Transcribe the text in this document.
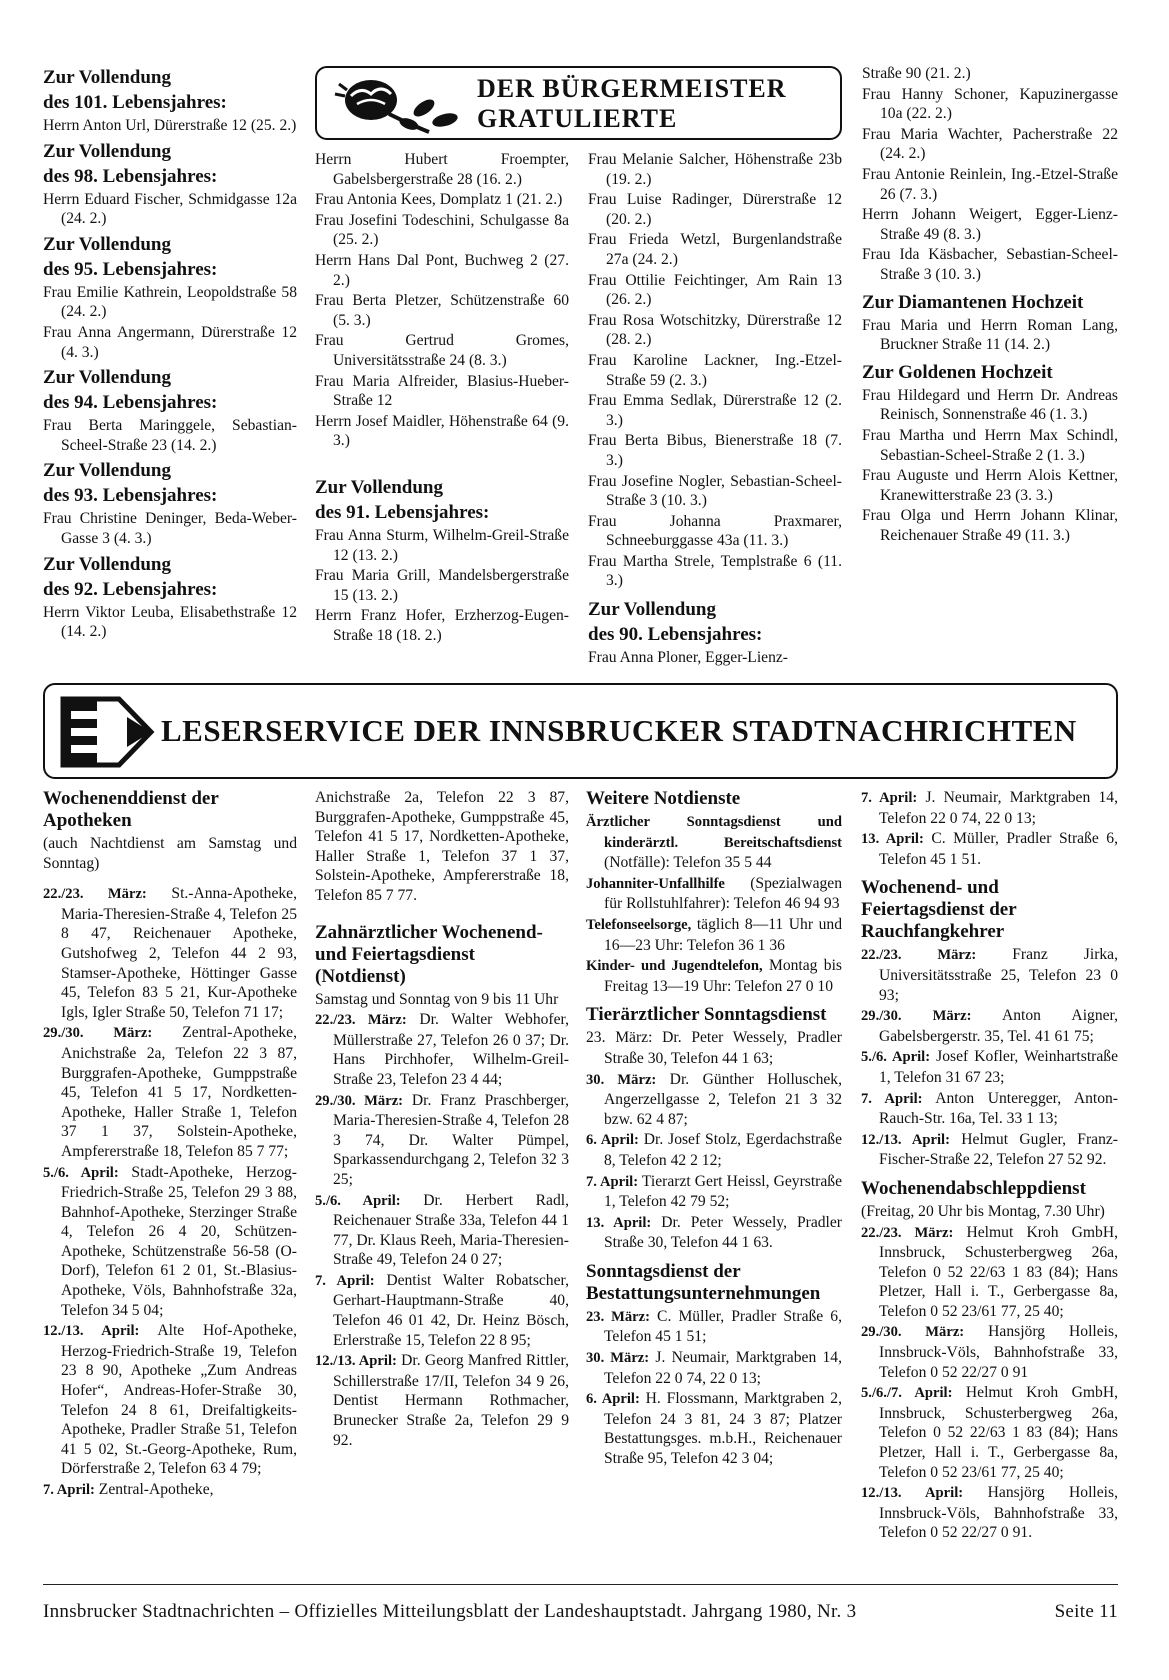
DER BÜRGERMEISTER
GRATULIERTE
Zur Vollendung
des 101. Lebensjahres:

Herrn Anton Url, Dürerstraße 12 (25. 2.)

Zur Vollendung
des 98. Lebensjahres:

Herrn Eduard Fischer, Schmidgasse 12a (24. 2.)

Zur Vollendung
des 95. Lebensjahres:

Frau Emilie Kathrein, Leopoldstraße 58 (24. 2.)

Frau Anna Angermann, Dürerstraße 12 (4. 3.)

Zur Vollendung
des 94. Lebensjahres:

Frau Berta Maringgele, Sebastian-Scheel-Straße 23 (14. 2.)

Zur Vollendung
des 93. Lebensjahres:

Frau Christine Deninger, Beda-Weber-Gasse 3 (4. 3.)

Zur Vollendung
des 92. Lebensjahres:

Herrn Viktor Leuba, Elisabethstraße 12 (14. 2.)

Herrn Hubert Froempter, Gabelsbergerstraße 28 (16. 2.)

Frau Antonia Kees, Domplatz 1 (21. 2.)

Frau Josefini Todeschini, Schulgasse 8a (25. 2.)

Herrn Hans Dal Pont, Buchweg 2 (27. 2.)

Frau Berta Pletzer, Schützenstraße 60 (5. 3.)

Frau Gertrud Gromes, Universitätsstraße 24 (8. 3.)

Frau Maria Alfreider, Blasius-Hueber-Straße 12

Herrn Josef Maidler, Höhenstraße 64 (9. 3.)

Zur Vollendung
des 91. Lebensjahres:

Frau Anna Sturm, Wilhelm-Greil-Straße 12 (13. 2.)

Frau Maria Grill, Mandelsbergerstraße 15 (13. 2.)

Herrn Franz Hofer, Erzherzog-Eugen-Straße 18 (18. 2.)

Frau Melanie Salcher, Höhenstraße 23b (19. 2.)

Frau Luise Radinger, Dürerstraße 12 (20. 2.)

Frau Frieda Wetzl, Burgenlandstraße 27a (24. 2.)

Frau Ottilie Feichtinger, Am Rain 13 (26. 2.)

Frau Rosa Wotschitzky, Dürerstraße 12 (28. 2.)

Frau Karoline Lackner, Ing.-Etzel-Straße 59 (2. 3.)

Frau Emma Sedlak, Dürerstraße 12 (2. 3.)

Frau Berta Bibus, Bienerstraße 18 (7. 3.)

Frau Josefine Nogler, Sebastian-Scheel-Straße 3 (10. 3.)

Frau Johanna Praxmarer, Schneeburggasse 43a (11. 3.)

Frau Martha Strele, Templstraße 6 (11. 3.)

Zur Vollendung
des 90. Lebensjahres:

Frau Anna Ploner, Egger-Lienz-

Straße 90 (21. 2.)

Frau Hanny Schoner, Kapuzinergasse 10a (22. 2.)

Frau Maria Wachter, Pacherstraße 22 (24. 2.)

Frau Antonie Reinlein, Ing.-Etzel-Straße 26 (7. 3.)

Herrn Johann Weigert, Egger-Lienz-Straße 49 (8. 3.)

Frau Ida Käsbacher, Sebastian-Scheel-Straße 3 (10. 3.)

Zur Diamantenen Hochzeit

Frau Maria und Herrn Roman Lang, Bruckner Straße 11 (14. 2.)

Zur Goldenen Hochzeit

Frau Hildegard und Herrn Dr. Andreas Reinisch, Sonnenstraße 46 (1. 3.)

Frau Martha und Herrn Max Schindl, Sebastian-Scheel-Straße 2 (1. 3.)

Frau Auguste und Herrn Alois Kettner, Kranewitterstraße 23 (3. 3.)

Frau Olga und Herrn Johann Klinar, Reichenauer Straße 49 (11. 3.)

LESERSERVICE DER INNSBRUCKER STADTNACHRICHTEN
Wochenenddienst der Apotheken

(auch Nachtdienst am Samstag und Sonntag)

22./23. März: St.-Anna-Apotheke, Maria-Theresien-Straße 4, Telefon 25 8 47, Reichenauer Apotheke, Gutshofweg 2, Telefon 44 2 93, Stamser-Apotheke, Höttinger Gasse 45, Telefon 83 5 21, Kur-Apotheke Igls, Igler Straße 50, Telefon 71 17;

29./30. März: Zentral-Apotheke, Anichstraße 2a, Telefon 22 3 87, Burggrafen-Apotheke, Gumppstraße 45, Telefon 41 5 17, Nordketten-Apotheke, Haller Straße 1, Telefon 37 1 37, Solstein-Apotheke, Ampfererstraße 18, Telefon 85 7 77;

5./6. April: Stadt-Apotheke, Herzog-Friedrich-Straße 25, Telefon 29 3 88, Bahnhof-Apotheke, Sterzinger Straße 4, Telefon 26 4 20, Schützen-Apotheke, Schützenstraße 56-58 (O-Dorf), Telefon 61 2 01, St.-Blasius-Apotheke, Völs, Bahnhofstraße 32a, Telefon 34 5 04;

12./13. April: Alte Hof-Apotheke, Herzog-Friedrich-Straße 19, Telefon 23 8 90, Apotheke „Zum Andreas Hofer“, Andreas-Hofer-Straße 30, Telefon 24 8 61, Dreifaltigkeits-Apotheke, Pradler Straße 51, Telefon 41 5 02, St.-Georg-Apotheke, Rum, Dörferstraße 2, Telefon 63 4 79;

7. April: Zentral-Apotheke,

Anichstraße 2a, Telefon 22 3 87, Burggrafen-Apotheke, Gumppstraße 45, Telefon 41 5 17, Nordketten-Apotheke, Haller Straße 1, Telefon 37 1 37, Solstein-Apotheke, Ampfererstraße 18, Telefon 85 7 77.

Zahnärztlicher Wochenend- und Feiertagsdienst (Notdienst)

Samstag und Sonntag von 9 bis 11 Uhr

22./23. März: Dr. Walter Webhofer, Müllerstraße 27, Telefon 26 0 37; Dr. Hans Pirchhofer, Wilhelm-Greil-Straße 23, Telefon 23 4 44;

29./30. März: Dr. Franz Praschberger, Maria-Theresien-Straße 4, Telefon 28 3 74, Dr. Walter Pümpel, Sparkassendurchgang 2, Telefon 32 3 25;

5./6. April: Dr. Herbert Radl, Reichenauer Straße 33a, Telefon 44 1 77, Dr. Klaus Reeh, Maria-Theresien-Straße 49, Telefon 24 0 27;

7. April: Dentist Walter Robatscher, Gerhart-Hauptmann-Straße 40, Telefon 46 01 42, Dr. Heinz Bösch, Erlerstraße 15, Telefon 22 8 95;

12./13. April: Dr. Georg Manfred Rittler, Schillerstraße 17/II, Telefon 34 9 26, Dentist Hermann Rothmacher, Brunecker Straße 2a, Telefon 29 9 92.

Weitere Notdienste

Ärztlicher Sonntagsdienst und kinderärztl. Bereitschaftsdienst (Notfälle): Telefon 35 5 44

Johanniter-Unfallhilfe (Spezialwagen für Rollstuhlfahrer): Telefon 46 94 93

Telefonseelsorge, täglich 8—11 Uhr und 16—23 Uhr: Telefon 36 1 36

Kinder- und Jugendtelefon, Montag bis Freitag 13—19 Uhr: Telefon 27 0 10

Tierärztlicher Sonntagsdienst

23. März: Dr. Peter Wessely, Pradler Straße 30, Telefon 44 1 63;

30. März: Dr. Günther Holluschek, Angerzellgasse 2, Telefon 21 3 32 bzw. 62 4 87;

6. April: Dr. Josef Stolz, Egerdachstraße 8, Telefon 42 2 12;

7. April: Tierarzt Gert Heissl, Geyrstraße 1, Telefon 42 79 52;

13. April: Dr. Peter Wessely, Pradler Straße 30, Telefon 44 1 63.

Sonntagsdienst der Bestattungsunternehmungen

23. März: C. Müller, Pradler Straße 6, Telefon 45 1 51;

30. März: J. Neumair, Marktgraben 14, Telefon 22 0 74, 22 0 13;

6. April: H. Flossmann, Marktgraben 2, Telefon 24 3 81, 24 3 87; Platzer Bestattungsges. m.b.H., Reichenauer Straße 95, Telefon 42 3 04;

7. April: J. Neumair, Marktgraben 14, Telefon 22 0 74, 22 0 13;

13. April: C. Müller, Pradler Straße 6, Telefon 45 1 51.

Wochenend- und Feiertagsdienst der Rauchfangkehrer

22./23. März: Franz Jirka, Universitätsstraße 25, Telefon 23 0 93;

29./30. März: Anton Aigner, Gabelsbergerstr. 35, Tel. 41 61 75;

5./6. April: Josef Kofler, Weinhartstraße 1, Telefon 31 67 23;

7. April: Anton Unteregger, Anton-Rauch-Str. 16a, Tel. 33 1 13;

12./13. April: Helmut Gugler, Franz-Fischer-Straße 22, Telefon 27 52 92.

Wochenendabschleppdienst

(Freitag, 20 Uhr bis Montag, 7.30 Uhr)

22./23. März: Helmut Kroh GmbH, Innsbruck, Schusterbergweg 26a, Telefon 0 52 22/63 1 83 (84); Hans Pletzer, Hall i. T., Gerbergasse 8a, Telefon 0 52 23/61 77, 25 40;

29./30. März: Hansjörg Holleis, Innsbruck-Völs, Bahnhofstraße 33, Telefon 0 52 22/27 0 91

5./6./7. April: Helmut Kroh GmbH, Innsbruck, Schusterbergweg 26a, Telefon 0 52 22/63 1 83 (84); Hans Pletzer, Hall i. T., Gerbergasse 8a, Telefon 0 52 23/61 77, 25 40;

12./13. April: Hansjörg Holleis, Innsbruck-Völs, Bahnhofstraße 33, Telefon 0 52 22/27 0 91.

Innsbrucker Stadtnachrichten – Offizielles Mitteilungsblatt der Landeshauptstadt. Jahrgang 1980, Nr. 3	Seite 11
